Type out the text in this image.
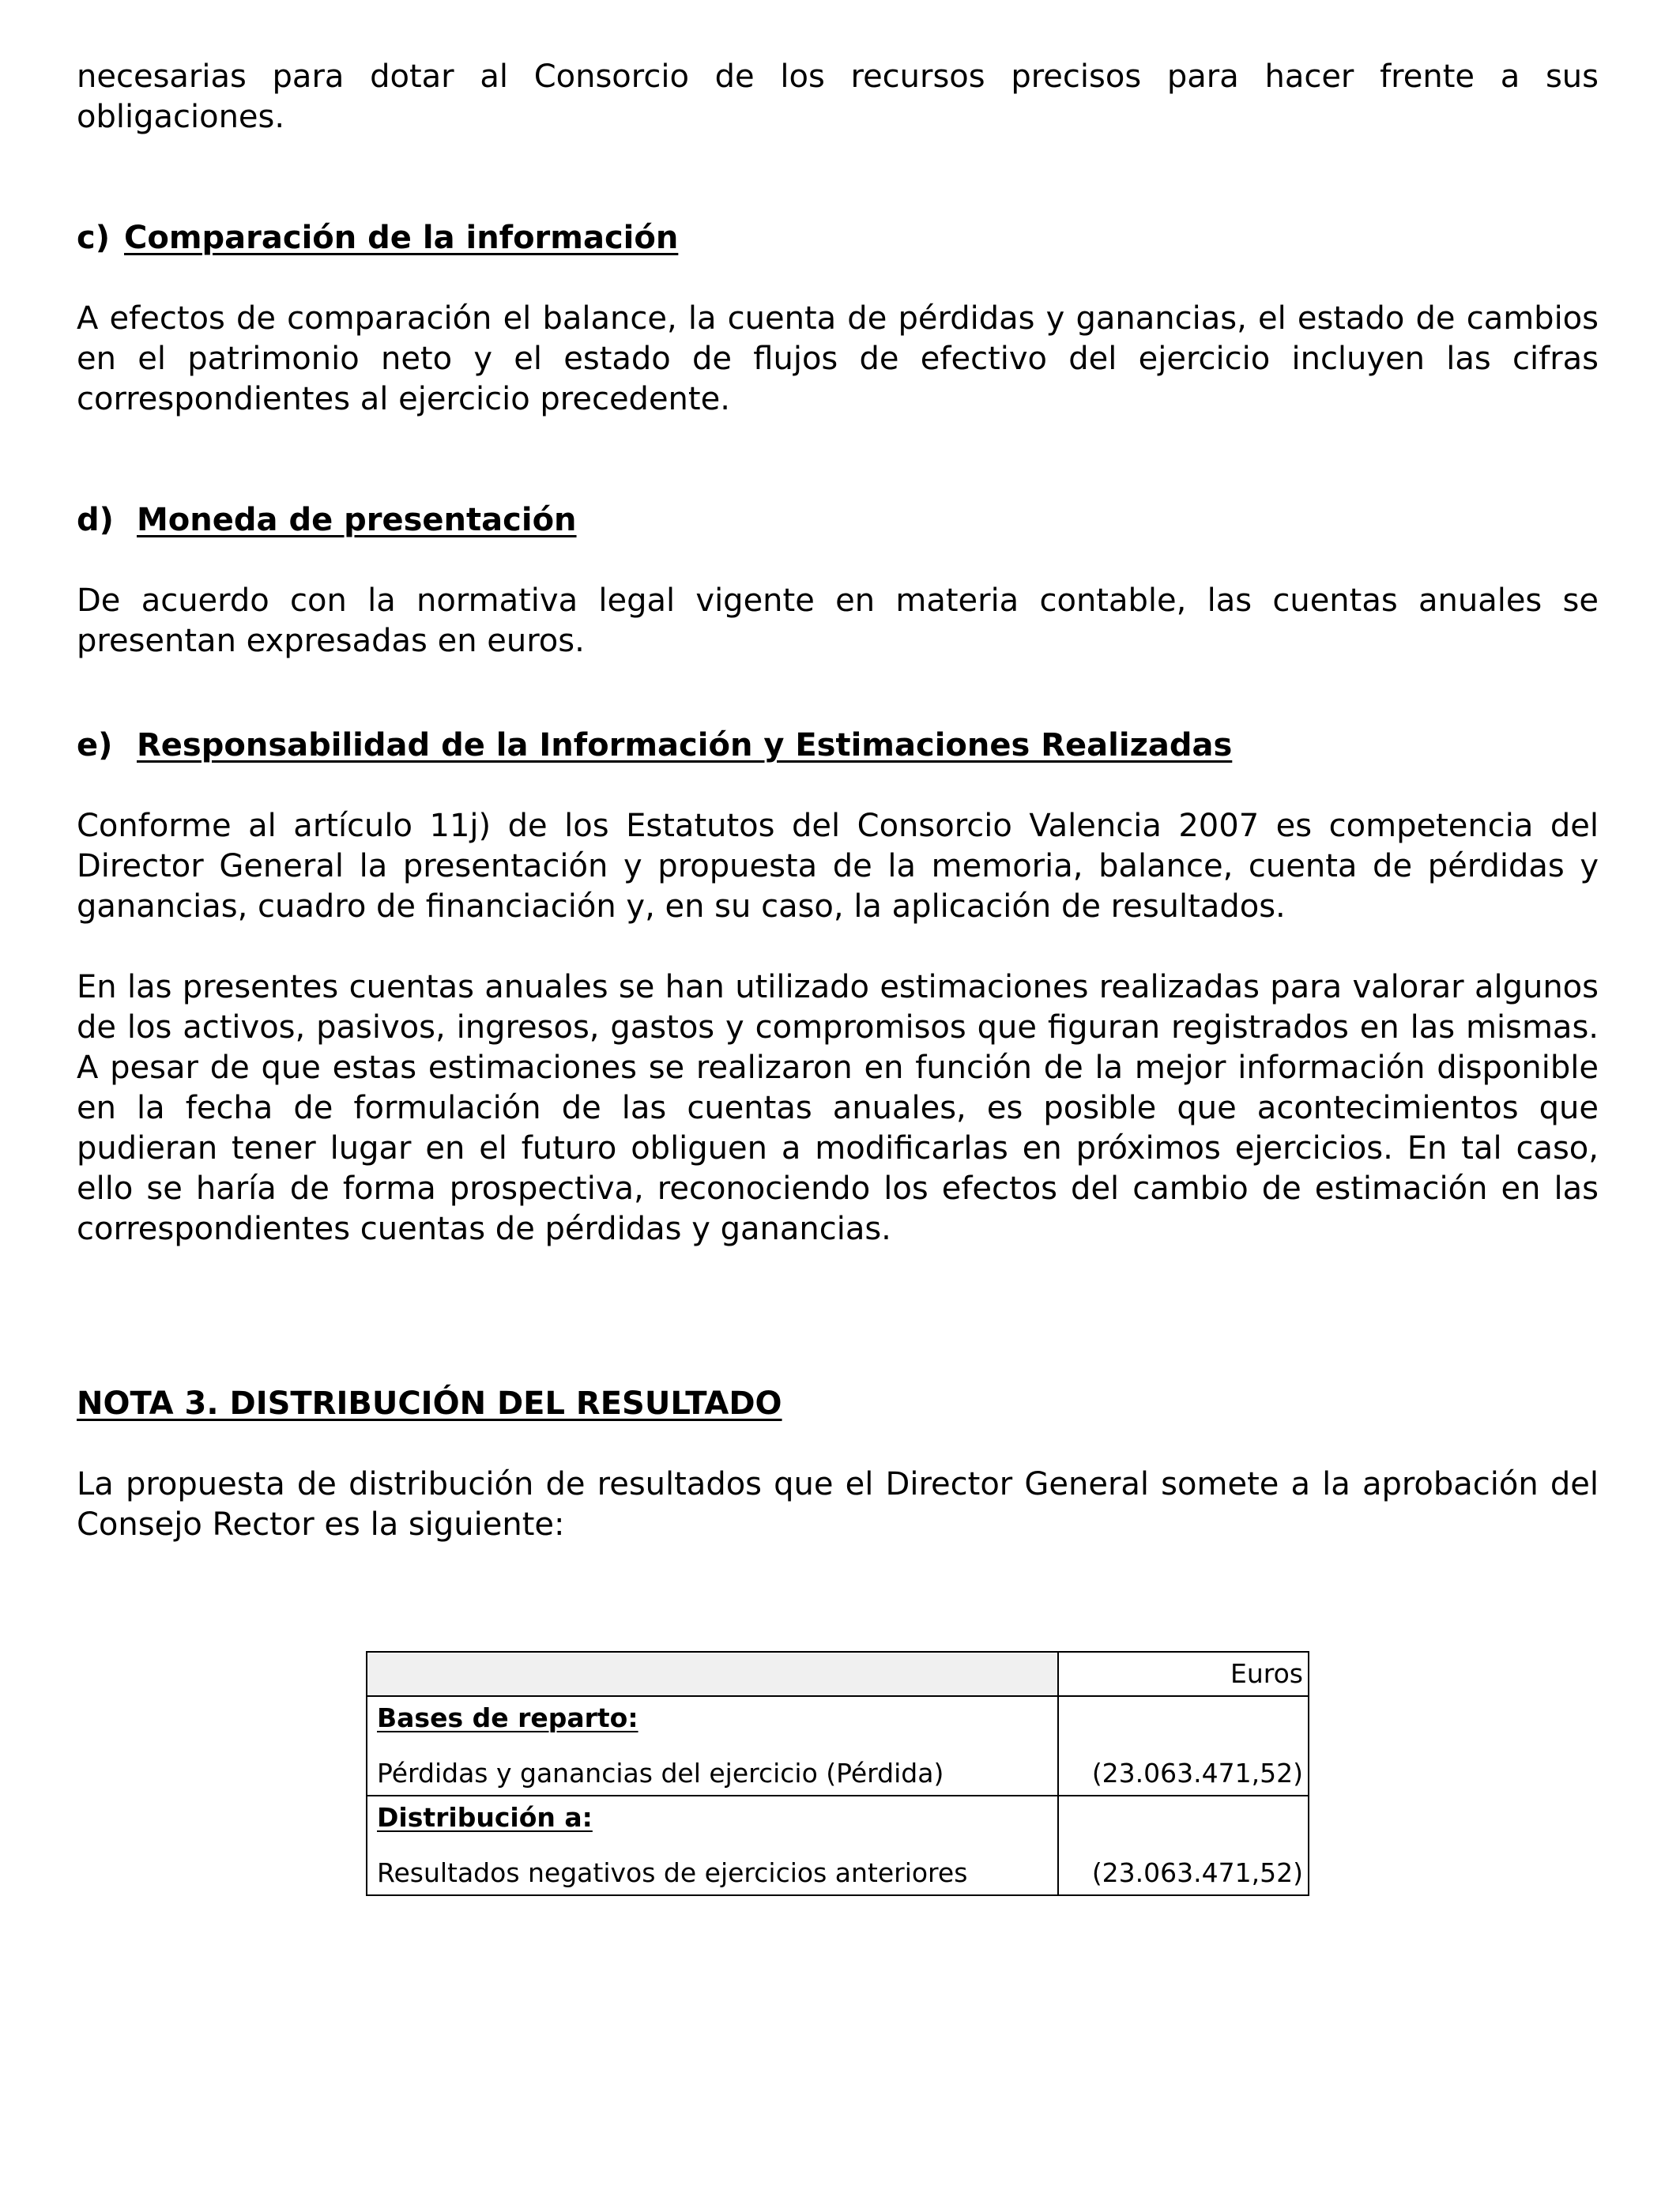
necesarias para dotar al Consorcio de los recursos precisos para hacer frente a sus obligaciones.

c) Comparación de la información

A efectos de comparación el balance, la cuenta de pérdidas y ganancias, el estado de cambios en el patrimonio neto y el estado de flujos de efectivo del ejercicio incluyen las cifras correspondientes al ejercicio precedente.

d) Moneda de presentación

De acuerdo con la normativa legal vigente en materia contable, las cuentas anuales se presentan expresadas en euros.

e) Responsabilidad de la Información y Estimaciones Realizadas

Conforme al artículo 11j) de los Estatutos del Consorcio Valencia 2007 es competencia del Director General la presentación y propuesta de la memoria, balance, cuenta de pérdidas y ganancias, cuadro de financiación y, en su caso, la aplicación de resultados.

En las presentes cuentas anuales se han utilizado estimaciones realizadas para valorar algunos de los activos, pasivos, ingresos, gastos y compromisos que figuran registrados en las mismas. A pesar de que estas estimaciones se realizaron en función de la mejor información disponible en la fecha de formulación de las cuentas anuales, es posible que acontecimientos que pudieran tener lugar en el futuro obliguen a modificarlas en próximos ejercicios. En tal caso, ello se haría de forma prospectiva, reconociendo los efectos del cambio de estimación en las correspondientes cuentas de pérdidas y ganancias.

NOTA 3. DISTRIBUCIÓN DEL RESULTADO

La propuesta de distribución de resultados que el Director General somete a la aprobación del Consejo Rector es la siguiente:

	Euros

Bases de reparto:
Pérdidas y ganancias del ejercicio (Pérdida)	(23.063.471,52)

Distribución a:
Resultados negativos de ejercicios anteriores	(23.063.471,52)
